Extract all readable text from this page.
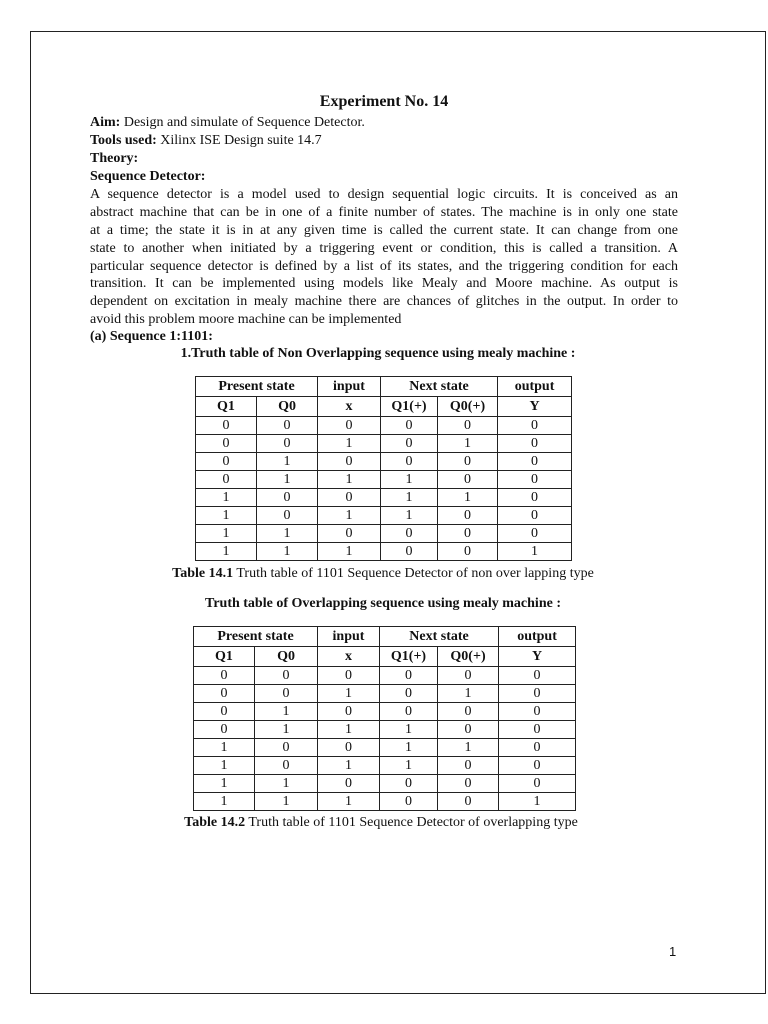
Experiment No. 14
Aim: Design and simulate of Sequence Detector.
Tools used: Xilinx ISE Design suite 14.7
Theory:
Sequence Detector:
A sequence detector is a model used to design sequential logic circuits. It is conceived as an
abstract machine that can be in one of a finite number of states. The machine is in only one state
at a time; the state it is in at any given time is called the current state. It can change from one
state to another when initiated by a triggering event or condition, this is called a transition. A
particular sequence detector is defined by a list of its states, and the triggering condition for each
transition. It can be implemented using models like Mealy and Moore machine. As output is
dependent on excitation in mealy machine there are chances of glitches in the output. In order to
avoid this problem moore machine can be implemented
(a) Sequence 1:1101:
1.Truth table of Non Overlapping sequence using mealy machine :
Present state		input	Next state		output
Q1	Q0	x	Q1(+)	Q0(+)	Y
0	0	0	0	0	0
0	0	1	0	1	0
0	1	0	0	0	0
0	1	1	1	0	0
1	0	0	1	1	0
1	0	1	1	0	0
1	1	0	0	0	0
1	1	1	0	0	1
Table 14.1 Truth table of 1101 Sequence Detector of non over lapping type
Truth table of Overlapping sequence using mealy machine :
Present state		input	Next state		output
Q1	Q0	x	Q1(+)	Q0(+)	Y
0	0	0	0	0	0
0	0	1	0	1	0
0	1	0	0	0	0
0	1	1	1	0	0
1	0	0	1	1	0
1	0	1	1	0	0
1	1	0	0	0	0
1	1	1	0	0	1
Table 14.2 Truth table of 1101 Sequence Detector of overlapping type
1
